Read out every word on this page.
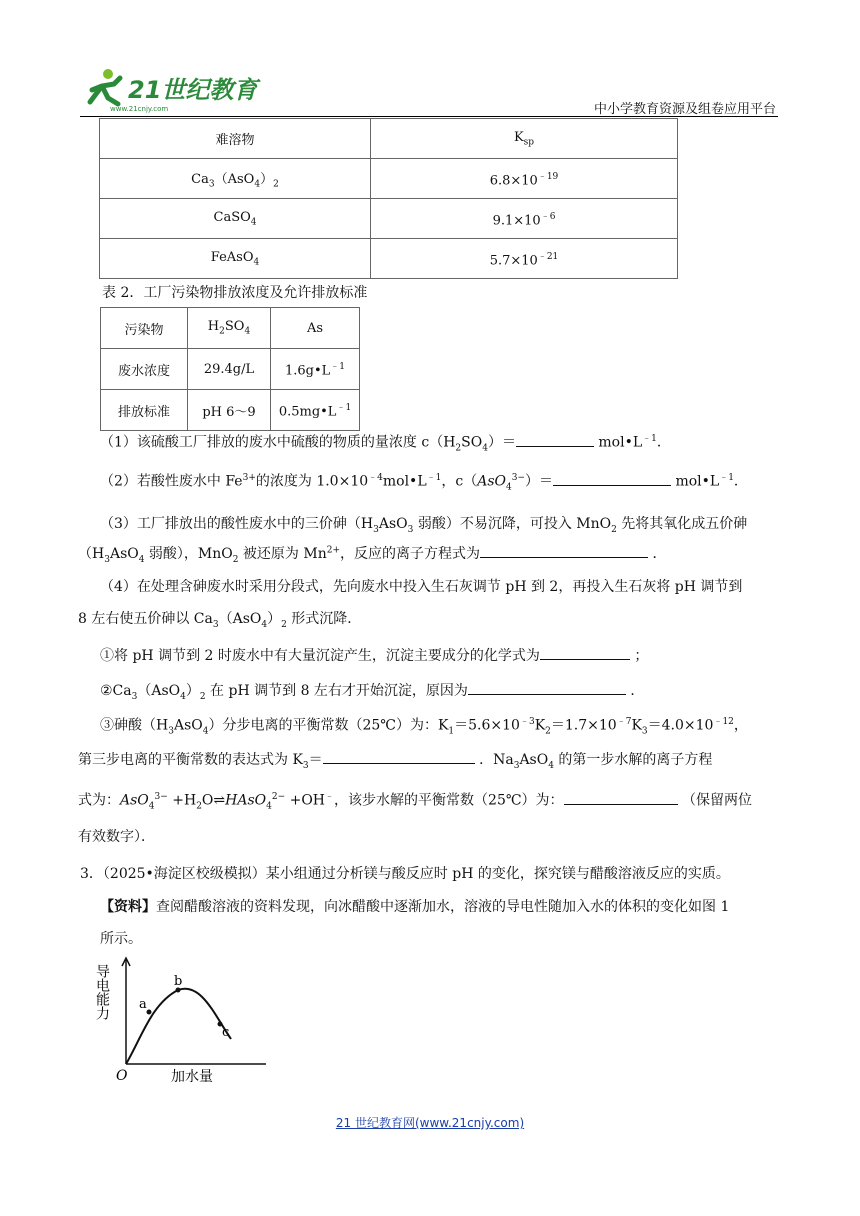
21世纪教育
www.21cnjy.com	中小学教育资源及组卷应用平台
难溶物	$K_{sp}$
$Ca_3(AsO_4)_2$	$6.8\times 10^{﹣19}$
CaSO$_4$	$9.1\times 10^{﹣6}$
FeAsO$_4$	$5.7\times 10^{﹣21}$
表 2．工厂污染物排放浓度及允许排放标准
污染物	$H_2SO_4$	As
废水浓度	29.4g/L	$1.6g•L^{﹣1}$
排放标准	pH 6～9	$0.5mg•L^{﹣1}$
（1）该硫酸工厂排放的废水中硫酸的物质的量浓度 $c(H_2SO_4)=$	$mol•L^{﹣1}$．
（2）若酸性废水中 $Fe^{3+}$的浓度为 $1.0\times 10^{﹣4}mol•L^{﹣1}$，c（AsO$_4^{3-}$）＝	$mol•L^{﹣1}$．
（3）工厂排放出的酸性废水中的三价砷（$H_3AsO_3$ 弱酸）不易沉降，可投入 MnO$_2$ 先将其氧化成五价砷
（$H_3AsO_4$ 弱酸），MnO$_2$ 被还原为 $Mn^{2+}$，反应的离子方程式为	．
（4）在处理含砷废水时采用分段式，先向废水中投入生石灰调节 pH 到 2，再投入生石灰将 pH 调节到
8 左右使五价砷以 $Ca_3(AsO_4)_2$ 形式沉降．
①将 pH 调节到 2 时废水中有大量沉淀产生，沉淀主要成分的化学式为	；
$②Ca_3(AsO_4)_2$ 在 pH 调节到 8 左右才开始沉淀，原因为	．
③砷酸$(H_3AsO_4)$分步电离的平衡常数（25℃）为：$K_1=5.6\times 10^{﹣3}K_2=1.7\times 10^{﹣7}K_3=4.0\times 10^{﹣12}$，
第三步电离的平衡常数的表达式为 $K_3=$	．$Na_3AsO_4$ 的第一步水解的离子方程
式为：$AsO_4^{3-} +H_2O\rightleftharpoons HAsO_4^{2-} +OH^﹣$，该步水解的平衡常数（25℃）为：	（保留两位
有效数字）．
3．（2025•海淀区校级模拟）某小组通过分析镁与酸反应时 pH 的变化，探究镁与醋酸溶液反应的实质。
【资料】查阅醋酸溶液的资料发现，向冰醋酸中逐渐加水，溶液的导电性随加入水的体积的变化如图 1
所示。
导电能力 a
b
c
O	加水量
21 世纪教育网(www.21cnjy.com)
